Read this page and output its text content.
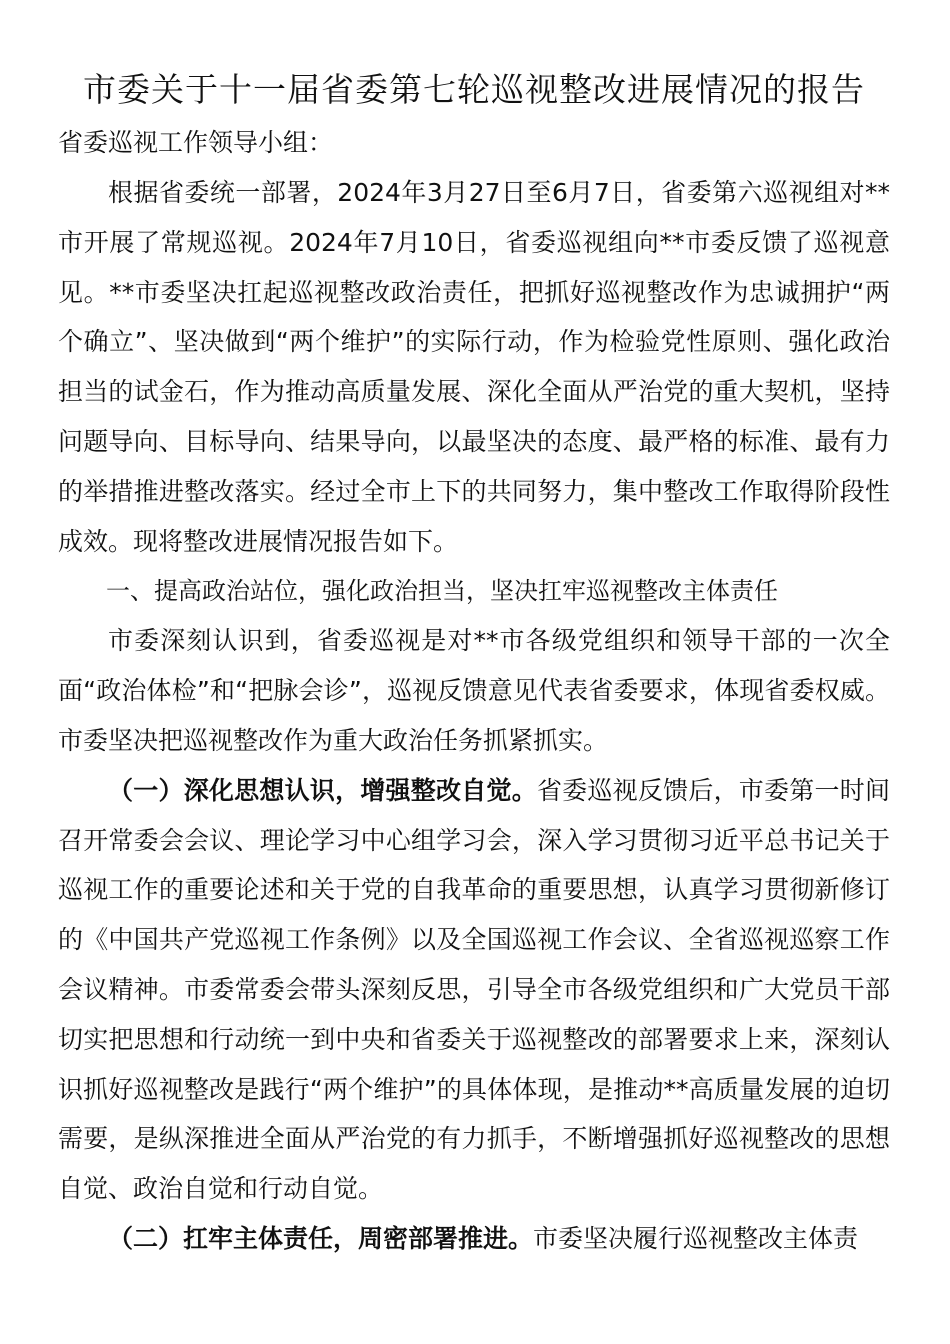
市委关于十一届省委第七轮巡视整改进展情况的报告

省委巡视工作领导小组：

根据省委统一部署，2024年3月27日至6月7日，省委第六巡视组对**市开展了常规巡视。2024年7月10日，省委巡视组向**市委反馈了巡视意见。**市委坚决扛起巡视整改政治责任，把抓好巡视整改作为忠诚拥护“两个确立”、坚决做到“两个维护”的实际行动，作为检验党性原则、强化政治担当的试金石，作为推动高质量发展、深化全面从严治党的重大契机，坚持问题导向、目标导向、结果导向，以最坚决的态度、最严格的标准、最有力的举措推进整改落实。经过全市上下的共同努力，集中整改工作取得阶段性成效。现将整改进展情况报告如下。

一、提高政治站位，强化政治担当，坚决扛牢巡视整改主体责任

市委深刻认识到，省委巡视是对**市各级党组织和领导干部的一次全面“政治体检”和“把脉会诊”，巡视反馈意见代表省委要求，体现省委权威。市委坚决把巡视整改作为重大政治任务抓紧抓实。

（一）深化思想认识，增强整改自觉。省委巡视反馈后，市委第一时间召开常委会会议、理论学习中心组学习会，深入学习贯彻习近平总书记关于巡视工作的重要论述和关于党的自我革命的重要思想，认真学习贯彻新修订的《中国共产党巡视工作条例》以及全国巡视工作会议、全省巡视巡察工作会议精神。市委常委会带头深刻反思，引导全市各级党组织和广大党员干部切实把思想和行动统一到中央和省委关于巡视整改的部署要求上来，深刻认识抓好巡视整改是践行“两个维护”的具体体现，是推动**高质量发展的迫切需要，是纵深推进全面从严治党的有力抓手，不断增强抓好巡视整改的思想自觉、政治自觉和行动自觉。

（二）扛牢主体责任，周密部署推进。市委坚决履行巡视整改主体责
